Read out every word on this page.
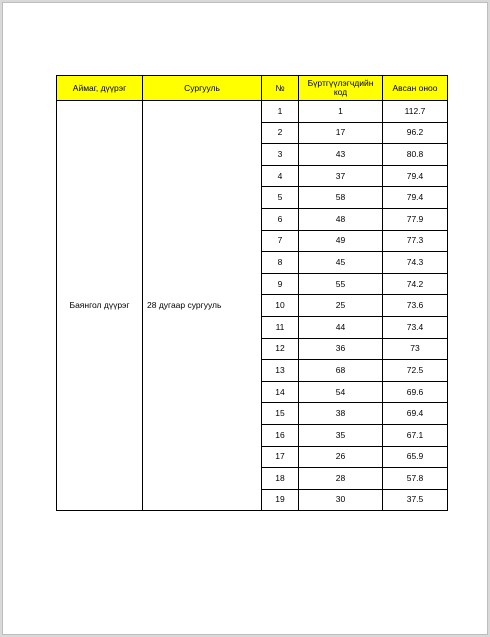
Аймаг, дүүрэг	Сургууль	№	Бүртгүүлэгчдийн код	Авсан оноо
Баянгол дүүрэг	28 дугаар сургууль	1	1	112.7
		2	17	96.2
		3	43	80.8
		4	37	79.4
		5	58	79.4
		6	48	77.9
		7	49	77.3
		8	45	74.3
		9	55	74.2
		10	25	73.6
		11	44	73.4
		12	36	73
		13	68	72.5
		14	54	69.6
		15	38	69.4
		16	35	67.1
		17	26	65.9
		18	28	57.8
		19	30	37.5
